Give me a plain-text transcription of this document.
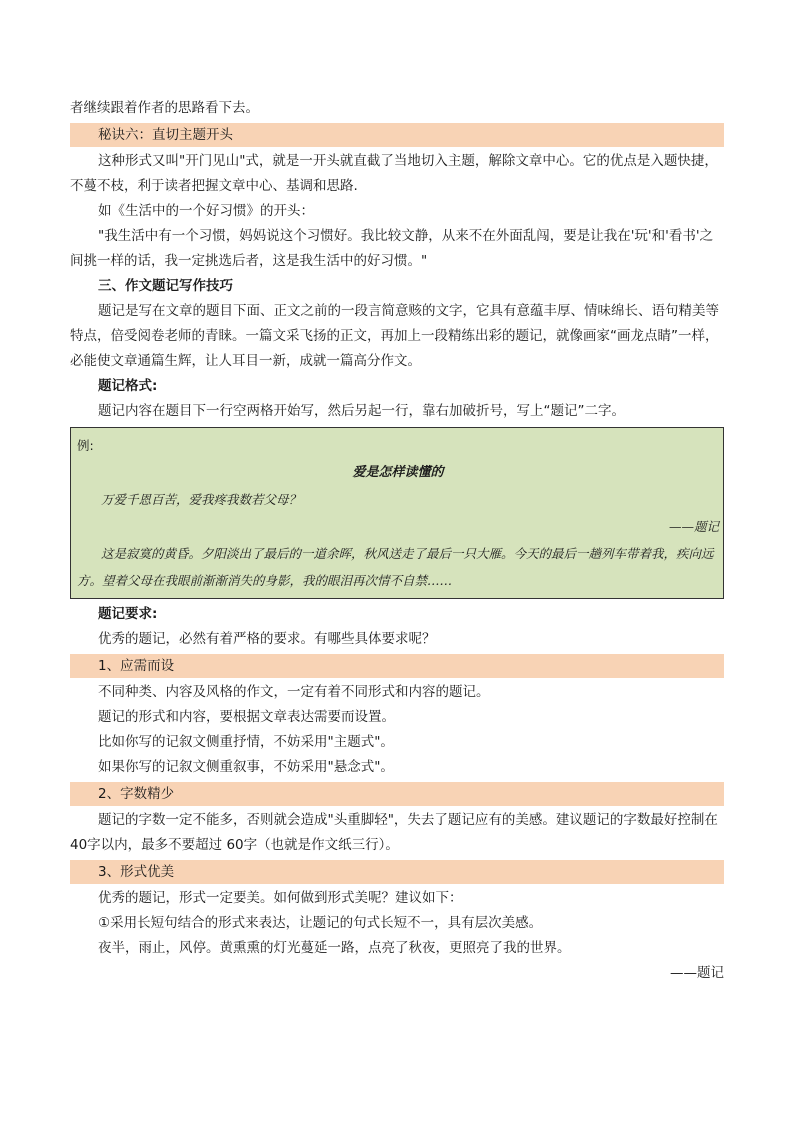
者继续跟着作者的思路看下去。

秘诀六：直切主题开头

这种形式又叫"开门见山"式，就是一开头就直截了当地切入主题，解除文章中心。它的优点是入题快捷，不蔓不枝，利于读者把握文章中心、基调和思路.

如《生活中的一个好习惯》的开头：

"我生活中有一个习惯，妈妈说这个习惯好。我比较文静，从来不在外面乱闯，要是让我在'玩'和'看书'之间挑一样的话，我一定挑选后者，这是我生活中的好习惯。"

三、作文题记写作技巧

题记是写在文章的题目下面、正文之前的一段言简意赅的文字，它具有意蕴丰厚、情味绵长、语句精美等特点，倍受阅卷老师的青睐。一篇文采飞扬的正文，再加上一段精练出彩的题记，就像画家“画龙点睛”一样，必能使文章通篇生辉，让人耳目一新，成就一篇高分作文。

题记格式:

题记内容在题目下一行空两格开始写，然后另起一行，靠右加破折号，写上“题记”二字。

例:

爱是怎样读懂的

万爱千恩百苦，爱我疼我数若父母？

——题记

这是寂寞的黄昏。夕阳淡出了最后的一道余晖，秋风送走了最后一只大雁。今天的最后一趟列车带着我，疾向远方。望着父母在我眼前渐渐消失的身影，我的眼泪再次情不自禁……

题记要求:

优秀的题记，必然有着严格的要求。有哪些具体要求呢？

1、应需而设

不同种类、内容及风格的作文，一定有着不同形式和内容的题记。

题记的形式和内容，要根据文章表达需要而设置。

比如你写的记叙文侧重抒情，不妨采用"主题式"。

如果你写的记叙文侧重叙事，不妨采用"悬念式"。

2、字数精少

题记的字数一定不能多，否则就会造成"头重脚轻"，失去了题记应有的美感。建议题记的字数最好控制在 40字以内，最多不要超过 60字（也就是作文纸三行）。

3、形式优美

优秀的题记，形式一定要美。如何做到形式美呢？建议如下：

①采用长短句结合的形式来表达，让题记的句式长短不一，具有层次美感。

夜半，雨止，风停。黄熏熏的灯光蔓延一路，点亮了秋夜，更照亮了我的世界。

——题记
